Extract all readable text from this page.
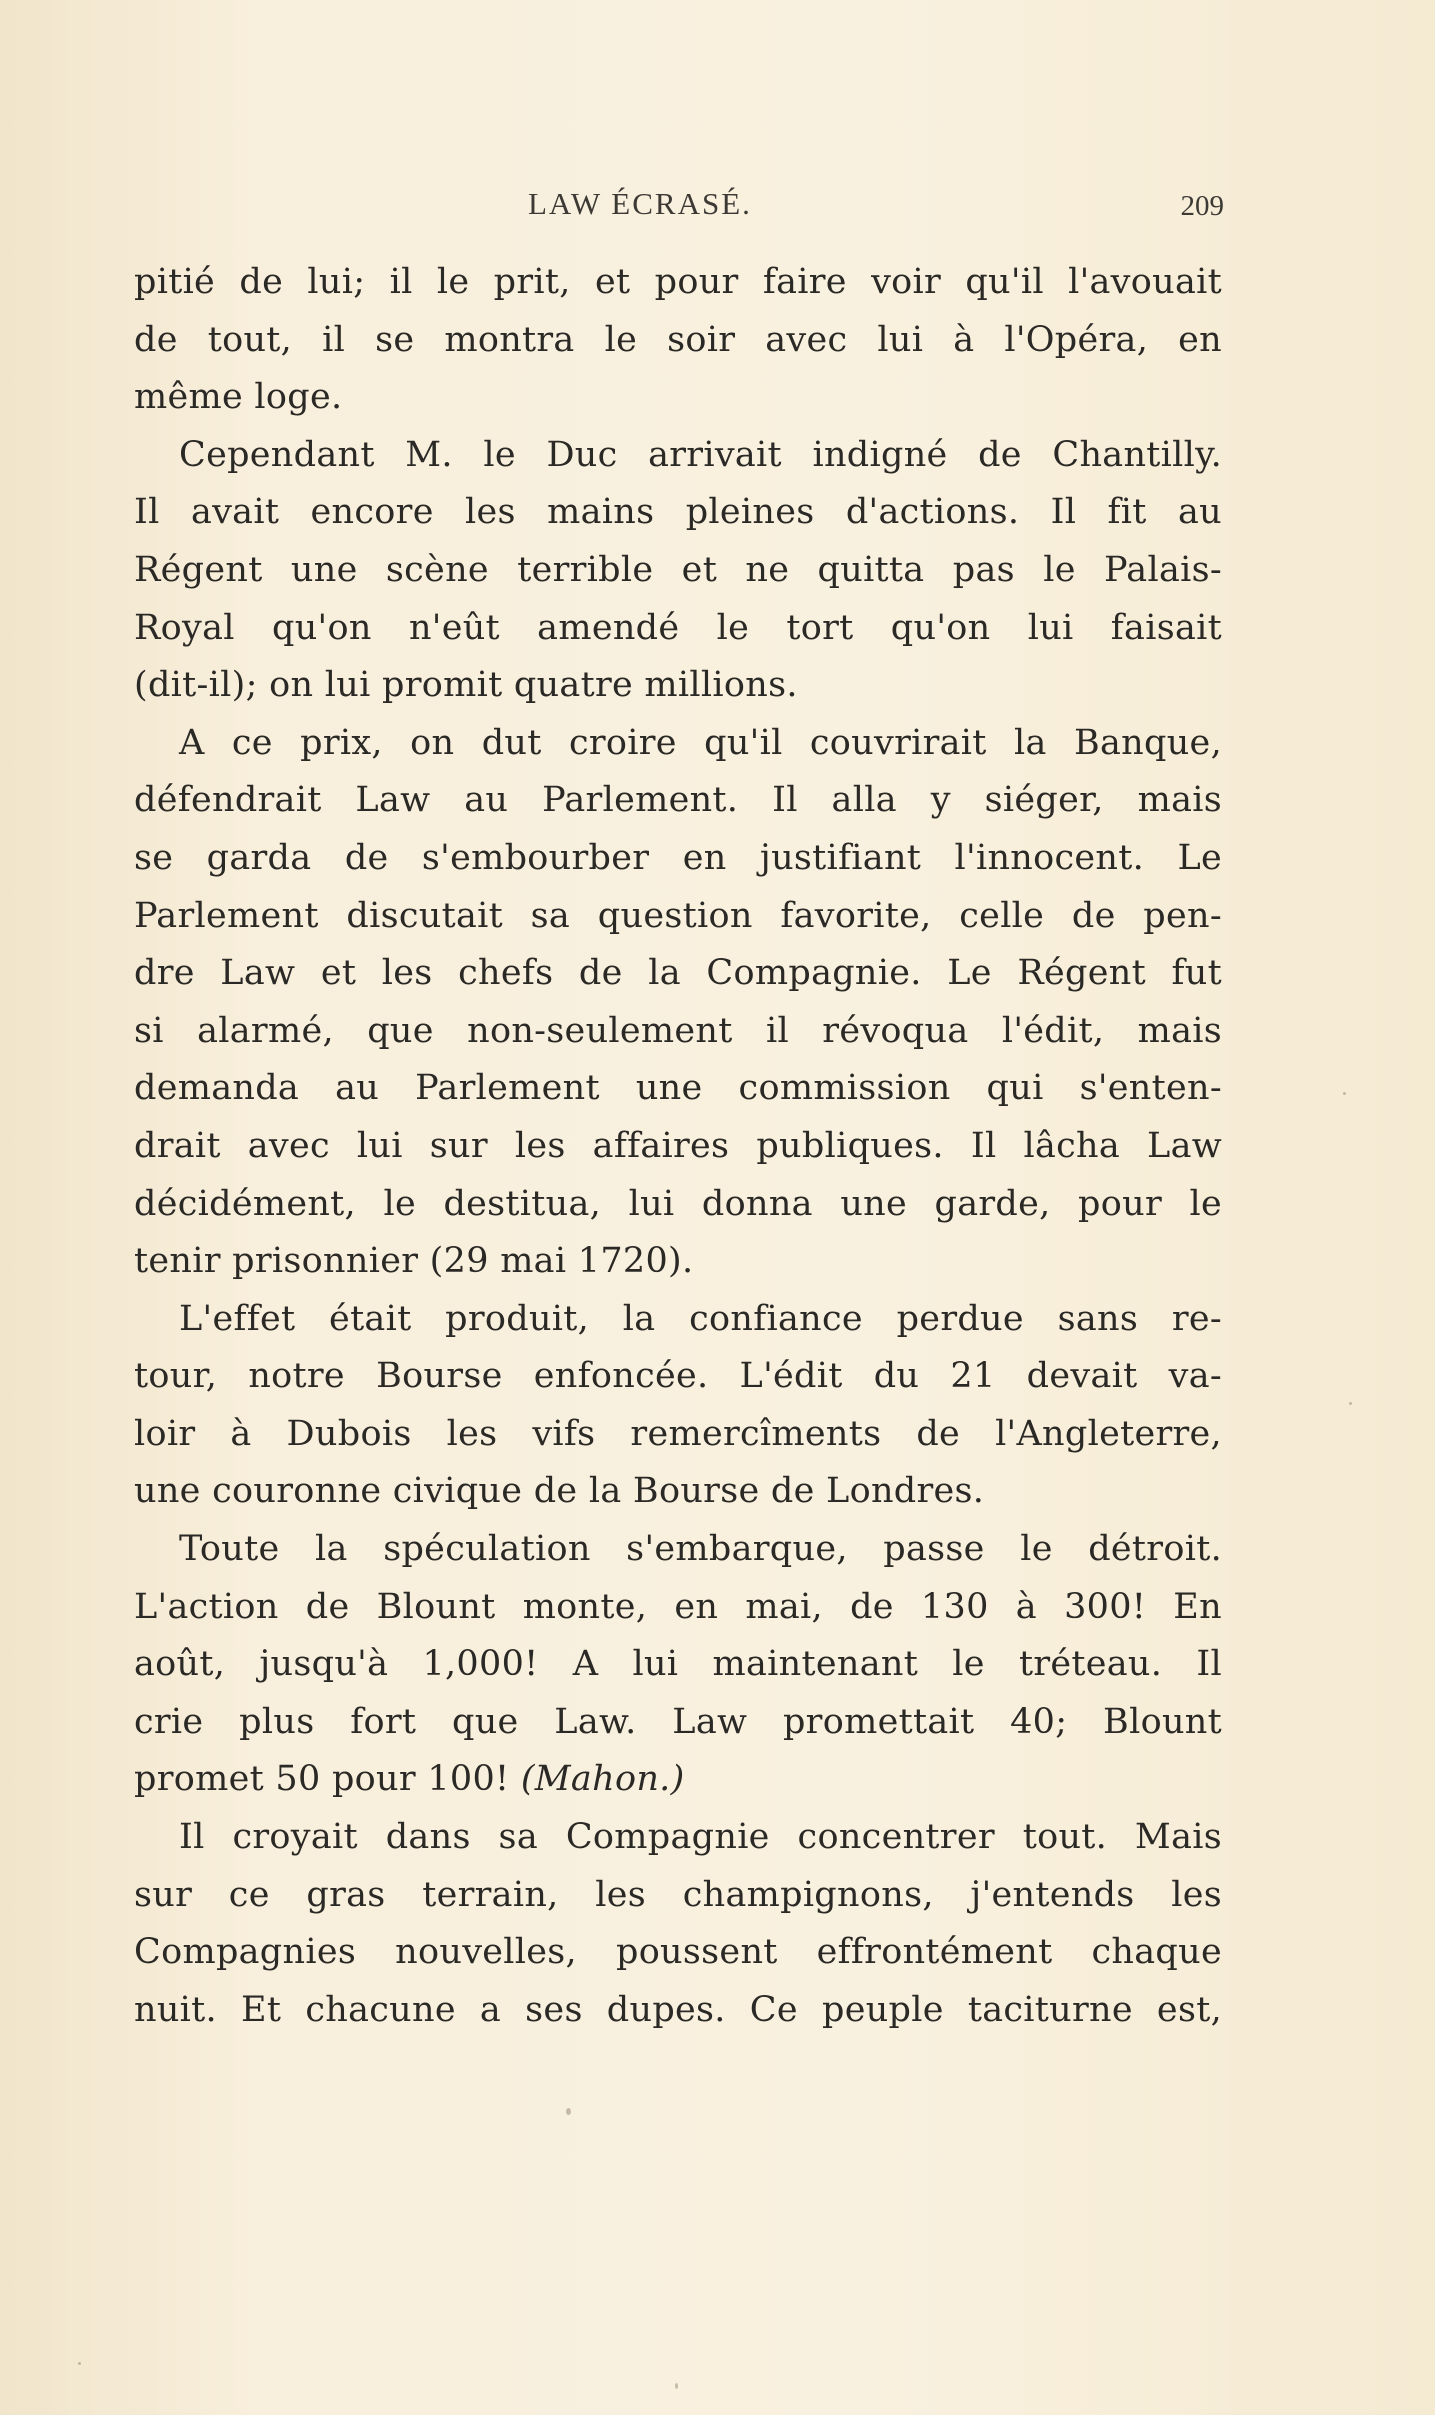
LAW ÉCRASÉ.	209
pitié de lui; il le prit, et pour faire voir qu'il l'avouait
de tout, il se montra le soir avec lui à l'Opéra, en
même loge.
Cependant M. le Duc arrivait indigné de Chantilly.
Il avait encore les mains pleines d'actions. Il fit au
Régent une scène terrible et ne quitta pas le Palais-
Royal qu'on n'eût amendé le tort qu'on lui faisait
(dit-il); on lui promit quatre millions.
A ce prix, on dut croire qu'il couvrirait la Banque,
défendrait Law au Parlement. Il alla y siéger, mais
se garda de s'embourber en justifiant l'innocent. Le
Parlement discutait sa question favorite, celle de pen-
dre Law et les chefs de la Compagnie. Le Régent fut
si alarmé, que non-seulement il révoqua l'édit, mais
demanda au Parlement une commission qui s'enten-
drait avec lui sur les affaires publiques. Il lâcha Law
décidément, le destitua, lui donna une garde, pour le
tenir prisonnier (29 mai 1720).
L'effet était produit, la confiance perdue sans re-
tour, notre Bourse enfoncée. L'édit du 21 devait va-
loir à Dubois les vifs remercîments de l'Angleterre,
une couronne civique de la Bourse de Londres.
Toute la spéculation s'embarque, passe le détroit.
L'action de Blount monte, en mai, de 130 à 300! En
août, jusqu'à 1,000! A lui maintenant le tréteau. Il
crie plus fort que Law. Law promettait 40; Blount
promet 50 pour 100! (Mahon.)
Il croyait dans sa Compagnie concentrer tout. Mais
sur ce gras terrain, les champignons, j'entends les
Compagnies nouvelles, poussent effrontément chaque
nuit. Et chacune a ses dupes. Ce peuple taciturne est,
